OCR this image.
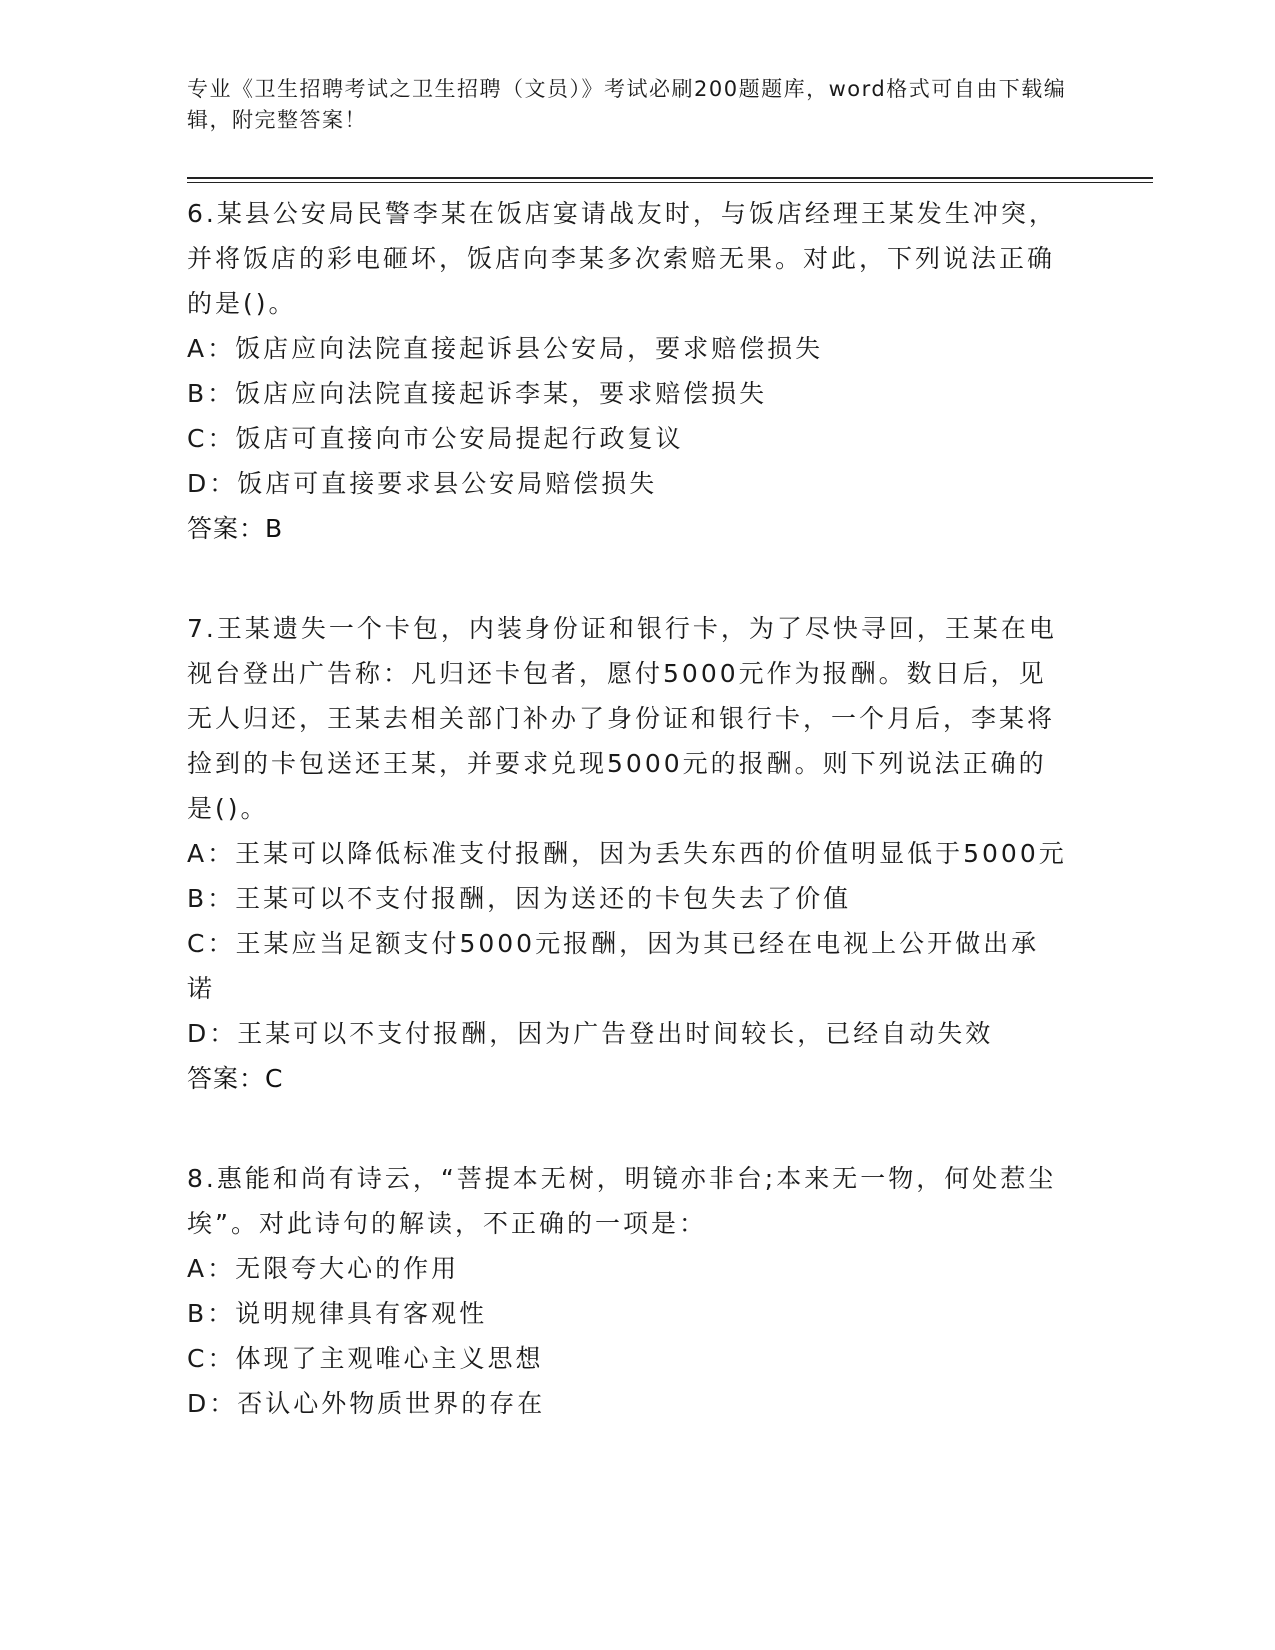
专业《卫生招聘考试之卫生招聘（文员）》考试必刷200题题库，word格式可自由下载编辑，附完整答案！
6.某县公安局民警李某在饭店宴请战友时，与饭店经理王某发生冲突，并将饭店的彩电砸坏，饭店向李某多次索赔无果。对此，下列说法正确的是()。
A：饭店应向法院直接起诉县公安局，要求赔偿损失
B：饭店应向法院直接起诉李某，要求赔偿损失
C：饭店可直接向市公安局提起行政复议
D：饭店可直接要求县公安局赔偿损失
答案：B
7.王某遗失一个卡包，内装身份证和银行卡，为了尽快寻回，王某在电视台登出广告称：凡归还卡包者，愿付5000元作为报酬。数日后，见无人归还，王某去相关部门补办了身份证和银行卡，一个月后，李某将捡到的卡包送还王某，并要求兑现5000元的报酬。则下列说法正确的是()。
A：王某可以降低标准支付报酬，因为丢失东西的价值明显低于5000元
B：王某可以不支付报酬，因为送还的卡包失去了价值
C：王某应当足额支付5000元报酬，因为其已经在电视上公开做出承诺
D：王某可以不支付报酬，因为广告登出时间较长，已经自动失效
答案：C
8.惠能和尚有诗云，“菩提本无树，明镜亦非台;本来无一物，何处惹尘埃”。对此诗句的解读，不正确的一项是：
A：无限夸大心的作用
B：说明规律具有客观性
C：体现了主观唯心主义思想
D：否认心外物质世界的存在
